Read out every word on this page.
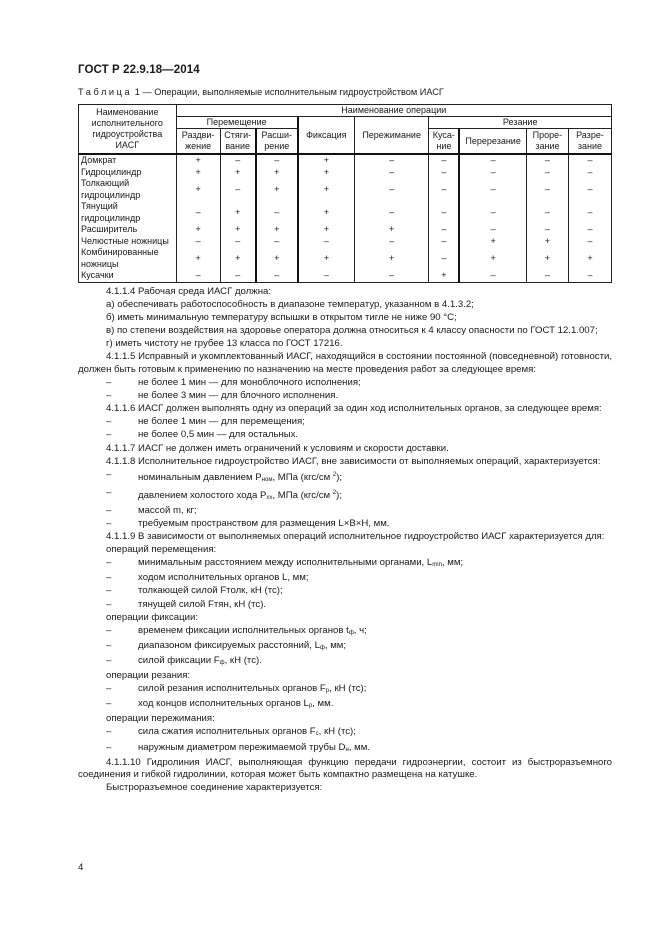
ГОСТ Р 22.9.18—2014
Таблица 1 — Операции, выполняемые исполнительным гидроустройством ИАСГ
Наименование исполнительного гидроустройства ИАСГ	Наименование операции								
	Перемещение			Фиксация	Пережимание	Резание			
	Раздви-жение	Стяги-вание	Расши-рение			Куса-ние	Перерезание	Проре-зание	Разре-зание
Домкрат	+	–	–	+	–	–	–	–	–
Гидроцилиндр	+	+	+	+	–	–	–	–	–
Толкающий гидроцилиндр	+	–	+	+	–	–	–	–	–
Тянущий гидроцилиндр	–	+	–	+	–	–	–	–	–
Расширитель	+	+	+	+	+	–	–	–	–
Челюстные ножницы	–	–	–	–	–	–	+	+	–
Комбинированные ножницы	+	+	+	+	+	–	+	+	+
Кусачки	–	–	–	–	–	+	–	–	–

4.1.1.4 Рабочая среда ИАСГ должна:

а) обеспечивать работоспособность в диапазоне температур, указанном в 4.1.3.2;

б) иметь минимальную температуру вспышки в открытом тигле не ниже 90 °С;

в) по степени воздействия на здоровье оператора должна относиться к 4 классу опасности по ГОСТ 12.1.007;

г) иметь чистоту не грубее 13 класса по ГОСТ 17216.

4.1.1.5 Исправный и укомплектованный ИАСГ, находящийся в состоянии постоянной (повседневной) готовности, должен быть готовым к применению по назначению на месте проведения работ за следующее время:

–	не более 1 мин — для моноблочного исполнения;

–	не более 3 мин — для блочного исполнения.

4.1.1.6 ИАСГ должен выполнять одну из операций за один ход исполнительных органов, за следующее время:

–	не более 1 мин — для перемещения;

–	не более 0,5 мин — для остальных.

4.1.1.7 ИАСГ не должен иметь ограничений к условиям и скорости доставки.

4.1.1.8 Исполнительное гидроустройство ИАСГ, вне зависимости от выполняемых операций, характеризуется:

–	номинальным давлением Pном, МПа (кгс/см $^2$);

–	давлением холостого хода Pхх, МПа (кгс/см $^2$);

–	массой m, кг;

–	требуемым пространством для размещения L×B×H, мм.

4.1.1.9 В зависимости от выполняемых операций исполнительное гидроустройство ИАСГ характеризуется для:

операций перемещения:

–	минимальным расстоянием между исполнительными органами, Lmin, мм;

–	ходом исполнительных органов L, мм;

–	толкающей силой Fтолк, кН (тс);

–	тянущей силой Fтян, кН (тс).

операции фиксации:

–	временем фиксации исполнительных органов tф, ч;

–	диапазоном фиксируемых расстояний, Lф, мм;

–	силой фиксации Fф, кН (тс).

операции резания:

–	силой резания исполнительных органов Fр, кН (тс);

–	ход концов исполнительных органов Lр, мм.

операции пережимания:

–	сила сжатия исполнительных органов Fс, кН (тс);

–	наружным диаметром пережимаемой трубы Dн, мм.

4.1.1.10 Гидролиния ИАСГ, выполняющая функцию передачи гидроэнергии, состоит из быстроразъемного соединения и гибкой гидролинии, которая может быть компактно размещена на катушке.

Быстроразъемное соединение характеризуется:

4
